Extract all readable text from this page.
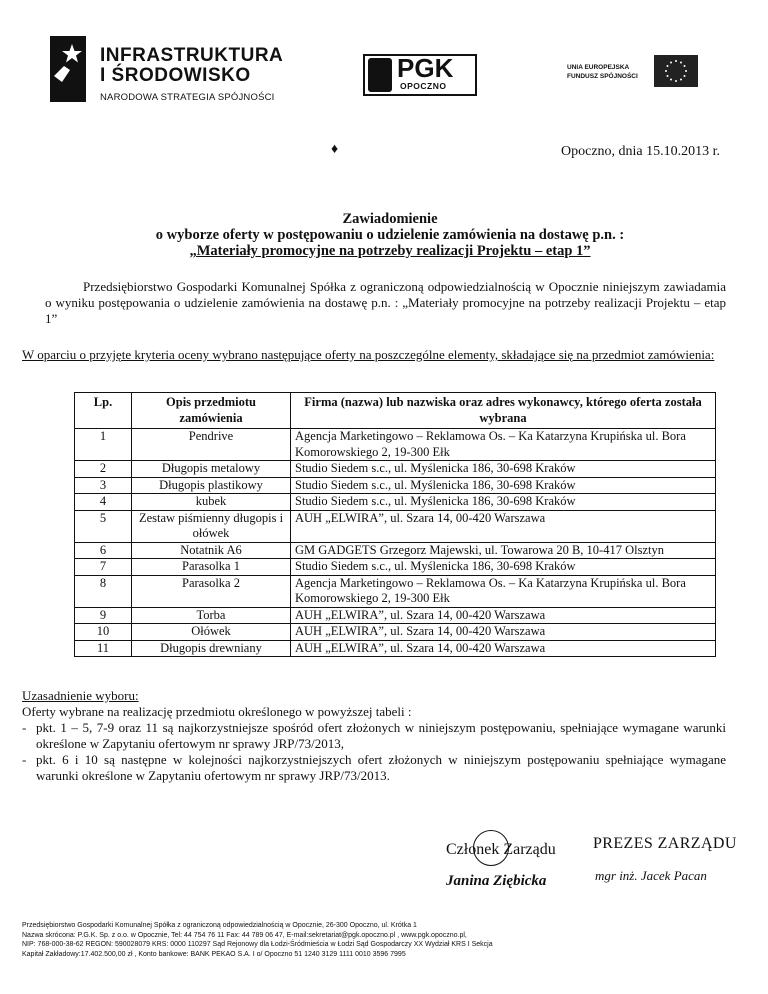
INFRASTRUKTURA
I ŚRODOWISKO
NARODOWA STRATEGIA SPÓJNOŚCI
PGK
OPOCZNO
UNIA EUROPEJSKA
FUNDUSZ SPÓJNOŚCI
♦	Opoczno, dnia 15.10.2013 r.
Zawiadomienie
o wyborze oferty w postępowaniu o udzielenie zamówienia na dostawę p.n. :
„Materiały promocyjne na potrzeby realizacji Projektu – etap 1”
Przedsiębiorstwo Gospodarki Komunalnej Spółka z ograniczoną odpowiedzialnością w Opocznie niniejszym zawiadamia o wyniku postępowania o udzielenie zamówienia na dostawę p.n. : „Materiały promocyjne na potrzeby realizacji Projektu – etap 1”
W oparciu o przyjęte kryteria oceny wybrano następujące oferty na poszczególne elementy, składające się na przedmiot zamówienia:
Lp.	Opis przedmiotu zamówienia	Firma (nazwa) lub nazwiska oraz adres wykonawcy, którego oferta została wybrana
1	Pendrive	Agencja Marketingowo – Reklamowa Os. – Ka Katarzyna Krupińska ul. Bora Komorowskiego 2, 19-300 Ełk
2	Długopis metalowy	Studio Siedem s.c., ul. Myślenicka 186, 30-698 Kraków
3	Długopis plastikowy	Studio Siedem s.c., ul. Myślenicka 186, 30-698 Kraków
4	kubek	Studio Siedem s.c., ul. Myślenicka 186, 30-698 Kraków
5	Zestaw piśmienny długopis i ołówek	AUH „ELWIRA”, ul. Szara 14, 00-420 Warszawa
6	Notatnik A6	GM GADGETS Grzegorz Majewski, ul. Towarowa 20 B, 10-417 Olsztyn
7	Parasolka 1	Studio Siedem s.c., ul. Myślenicka 186, 30-698 Kraków
8	Parasolka 2	Agencja Marketingowo – Reklamowa Os. – Ka Katarzyna Krupińska ul. Bora Komorowskiego 2, 19-300 Ełk
9	Torba	AUH „ELWIRA”, ul. Szara 14, 00-420 Warszawa
10	Ołówek	AUH „ELWIRA”, ul. Szara 14, 00-420 Warszawa
11	Długopis drewniany	AUH „ELWIRA”, ul. Szara 14, 00-420 Warszawa
Uzasadnienie wyboru:
Oferty wybrane na realizację przedmiotu określonego w powyższej tabeli :
- pkt. 1 – 5, 7-9 oraz 11 są najkorzystniejsze spośród ofert złożonych w niniejszym postępowaniu, spełniające wymagane warunki określone w Zapytaniu ofertowym nr sprawy JRP/73/2013,
- pkt. 6 i 10 są następne w kolejności najkorzystniejszych ofert złożonych w niniejszym postępowaniu spełniające wymagane warunki określone w Zapytaniu ofertowym nr sprawy JRP/73/2013.
Członek Zarządu
Janina Ziębicka
PREZES ZARZĄDU
mgr inż. Jacek Pacan
Przedsiębiorstwo Gospodarki Komunalnej Spółka z ograniczoną odpowiedzialnością w Opocznie, 26-300 Opoczno, ul. Krótka 1
Nazwa skrócona: P.G.K. Sp. z o.o. w Opocznie, Tel: 44 754 76 11 Fax: 44 789 06 47, E-mail:sekretariat@pgk.opoczno.pl , www.pgk.opoczno.pl,
NIP: 768-000-38-62 REGON: 590028079 KRS: 0000 110297 Sąd Rejonowy dla Łodzi-Śródmieścia w Łodzi Sąd Gospodarczy XX Wydział KRS I Sekcja
Kapitał Zakładowy:17.402.500,00 zł , Konto bankowe: BANK PEKAO S.A. I o/ Opoczno 51 1240 3129 1111 0010 3596 7995
